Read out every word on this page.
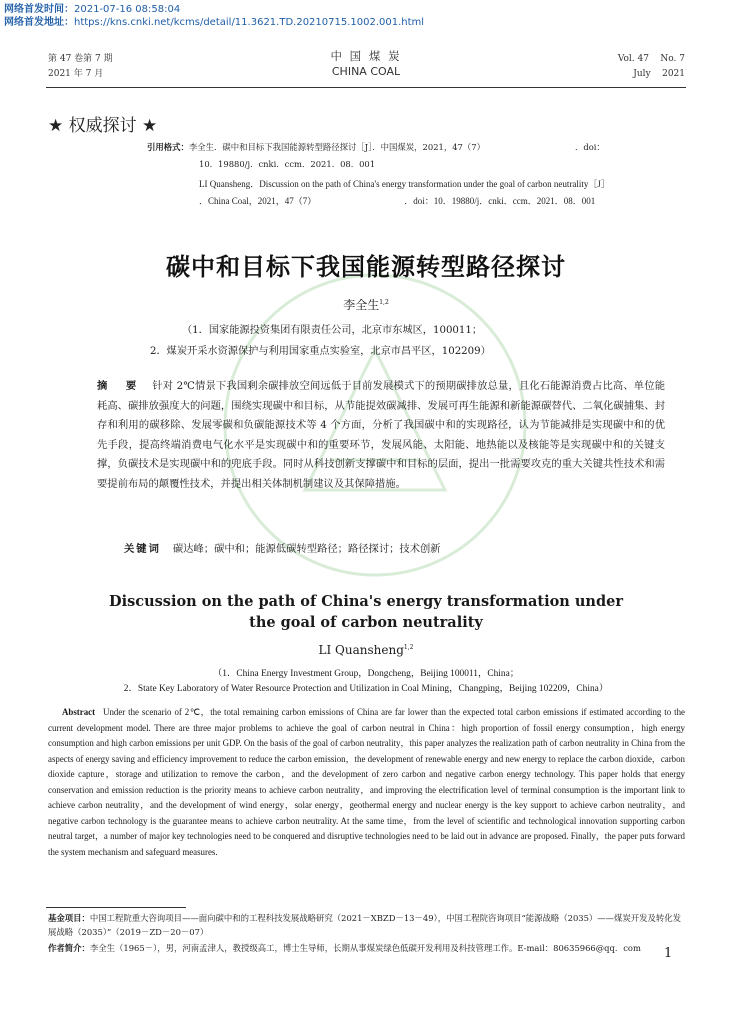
网络首发时间：2021-07-16 08:58:04
网络首发地址：https://kns.cnki.net/kcms/detail/11.3621.TD.20210715.1002.001.html
第 47 卷第 7 期
2021 年 7 月
中 国 煤 炭
CHINA COAL
Vol. 47    No. 7
July    2021
★ 权威探讨 ★
引用格式：李全生．碳中和目标下我国能源转型路径探讨［J］．中国煤炭，2021，47（7）	．doi：
10．19880/j．cnki．ccm．2021．08．001
LI Quansheng．Discussion on the path of China's energy transformation under the goal of carbon neutrality［J］
．China Coal，2021，47（7）	．doi：10．19880/j．cnki．ccm．2021．08．001
碳中和目标下我国能源转型路径探讨
李全生$^{1,2}$
（1．国家能源投资集团有限责任公司，北京市东城区，100011；
2．煤炭开采水资源保护与利用国家重点实验室，北京市昌平区，102209）
摘　要 针对 2℃情景下我国剩余碳排放空间远低于目前发展模式下的预期碳排放总量，且化石能源消费占比高、单位能耗高、碳排放强度大的问题，围绕实现碳中和目标，从节能提效碳减排、发展可再生能源和新能源碳替代、二氧化碳捕集、封存和利用的碳移除、发展零碳和负碳能源技术等 4 个方面，分析了我国碳中和的实现路径，认为节能减排是实现碳中和的优先手段，提高终端消费电气化水平是实现碳中和的重要环节，发展风能、太阳能、地热能以及核能等是实现碳中和的关键支撑，负碳技术是实现碳中和的兜底手段。同时从科技创新支撑碳中和目标的层面，提出一批需要攻克的重大关键共性技术和需要提前布局的颠覆性技术，并提出相关体制机制建议及其保障措施。
关键词 碳达峰；碳中和；能源低碳转型路径；路径探讨；技术创新
Discussion on the path of China's energy transformation under
the goal of carbon neutrality
LI Quansheng$^{1,2}$
（1．China Energy Investment Group，Dongcheng，Beijing 100011，China；
2．State Key Laboratory of Water Resource Protection and Utilization in Coal Mining，Changping，Beijing 102209，China）
Abstract Under the scenario of 2℃，the total remaining carbon emissions of China are far lower than the expected total carbon emissions if estimated according to the current development model. There are three major problems to achieve the goal of carbon neutral in China：high proportion of fossil energy consumption，high energy consumption and high carbon emissions per unit GDP. On the basis of the goal of carbon neutrality，this paper analyzes the realization path of carbon neutrality in China from the aspects of energy saving and efficiency improvement to reduce the carbon emission，the development of renewable energy and new energy to replace the carbon dioxide，carbon dioxide capture，storage and utilization to remove the carbon，and the development of zero carbon and negative carbon energy technology. This paper holds that energy conservation and emission reduction is the priority means to achieve carbon neutrality，and improving the electrification level of terminal consumption is the important link to achieve carbon neutrality，and the development of wind energy，solar energy，geothermal energy and nuclear energy is the key support to achieve carbon neutrality，and negative carbon technology is the guarantee means to achieve carbon neutrality. At the same time，from the level of scientific and technological innovation supporting carbon neutral target，a number of major key technologies need to be conquered and disruptive technologies need to be laid out in advance are proposed. Finally，the paper puts forward the system mechanism and safeguard measures.
基金项目：中国工程院重大咨询项目——面向碳中和的工程科技发展战略研究（2021－XBZD－13－49），中国工程院咨询项目“能源战略（2035）——煤炭开发及转化发展战略（2035）”（2019－ZD－20－07）
作者简介：李全生（1965－），男，河南孟津人，教授级高工，博士生导师，长期从事煤炭绿色低碳开发利用及科技管理工作。E-mail：80635966@qq．com	1
